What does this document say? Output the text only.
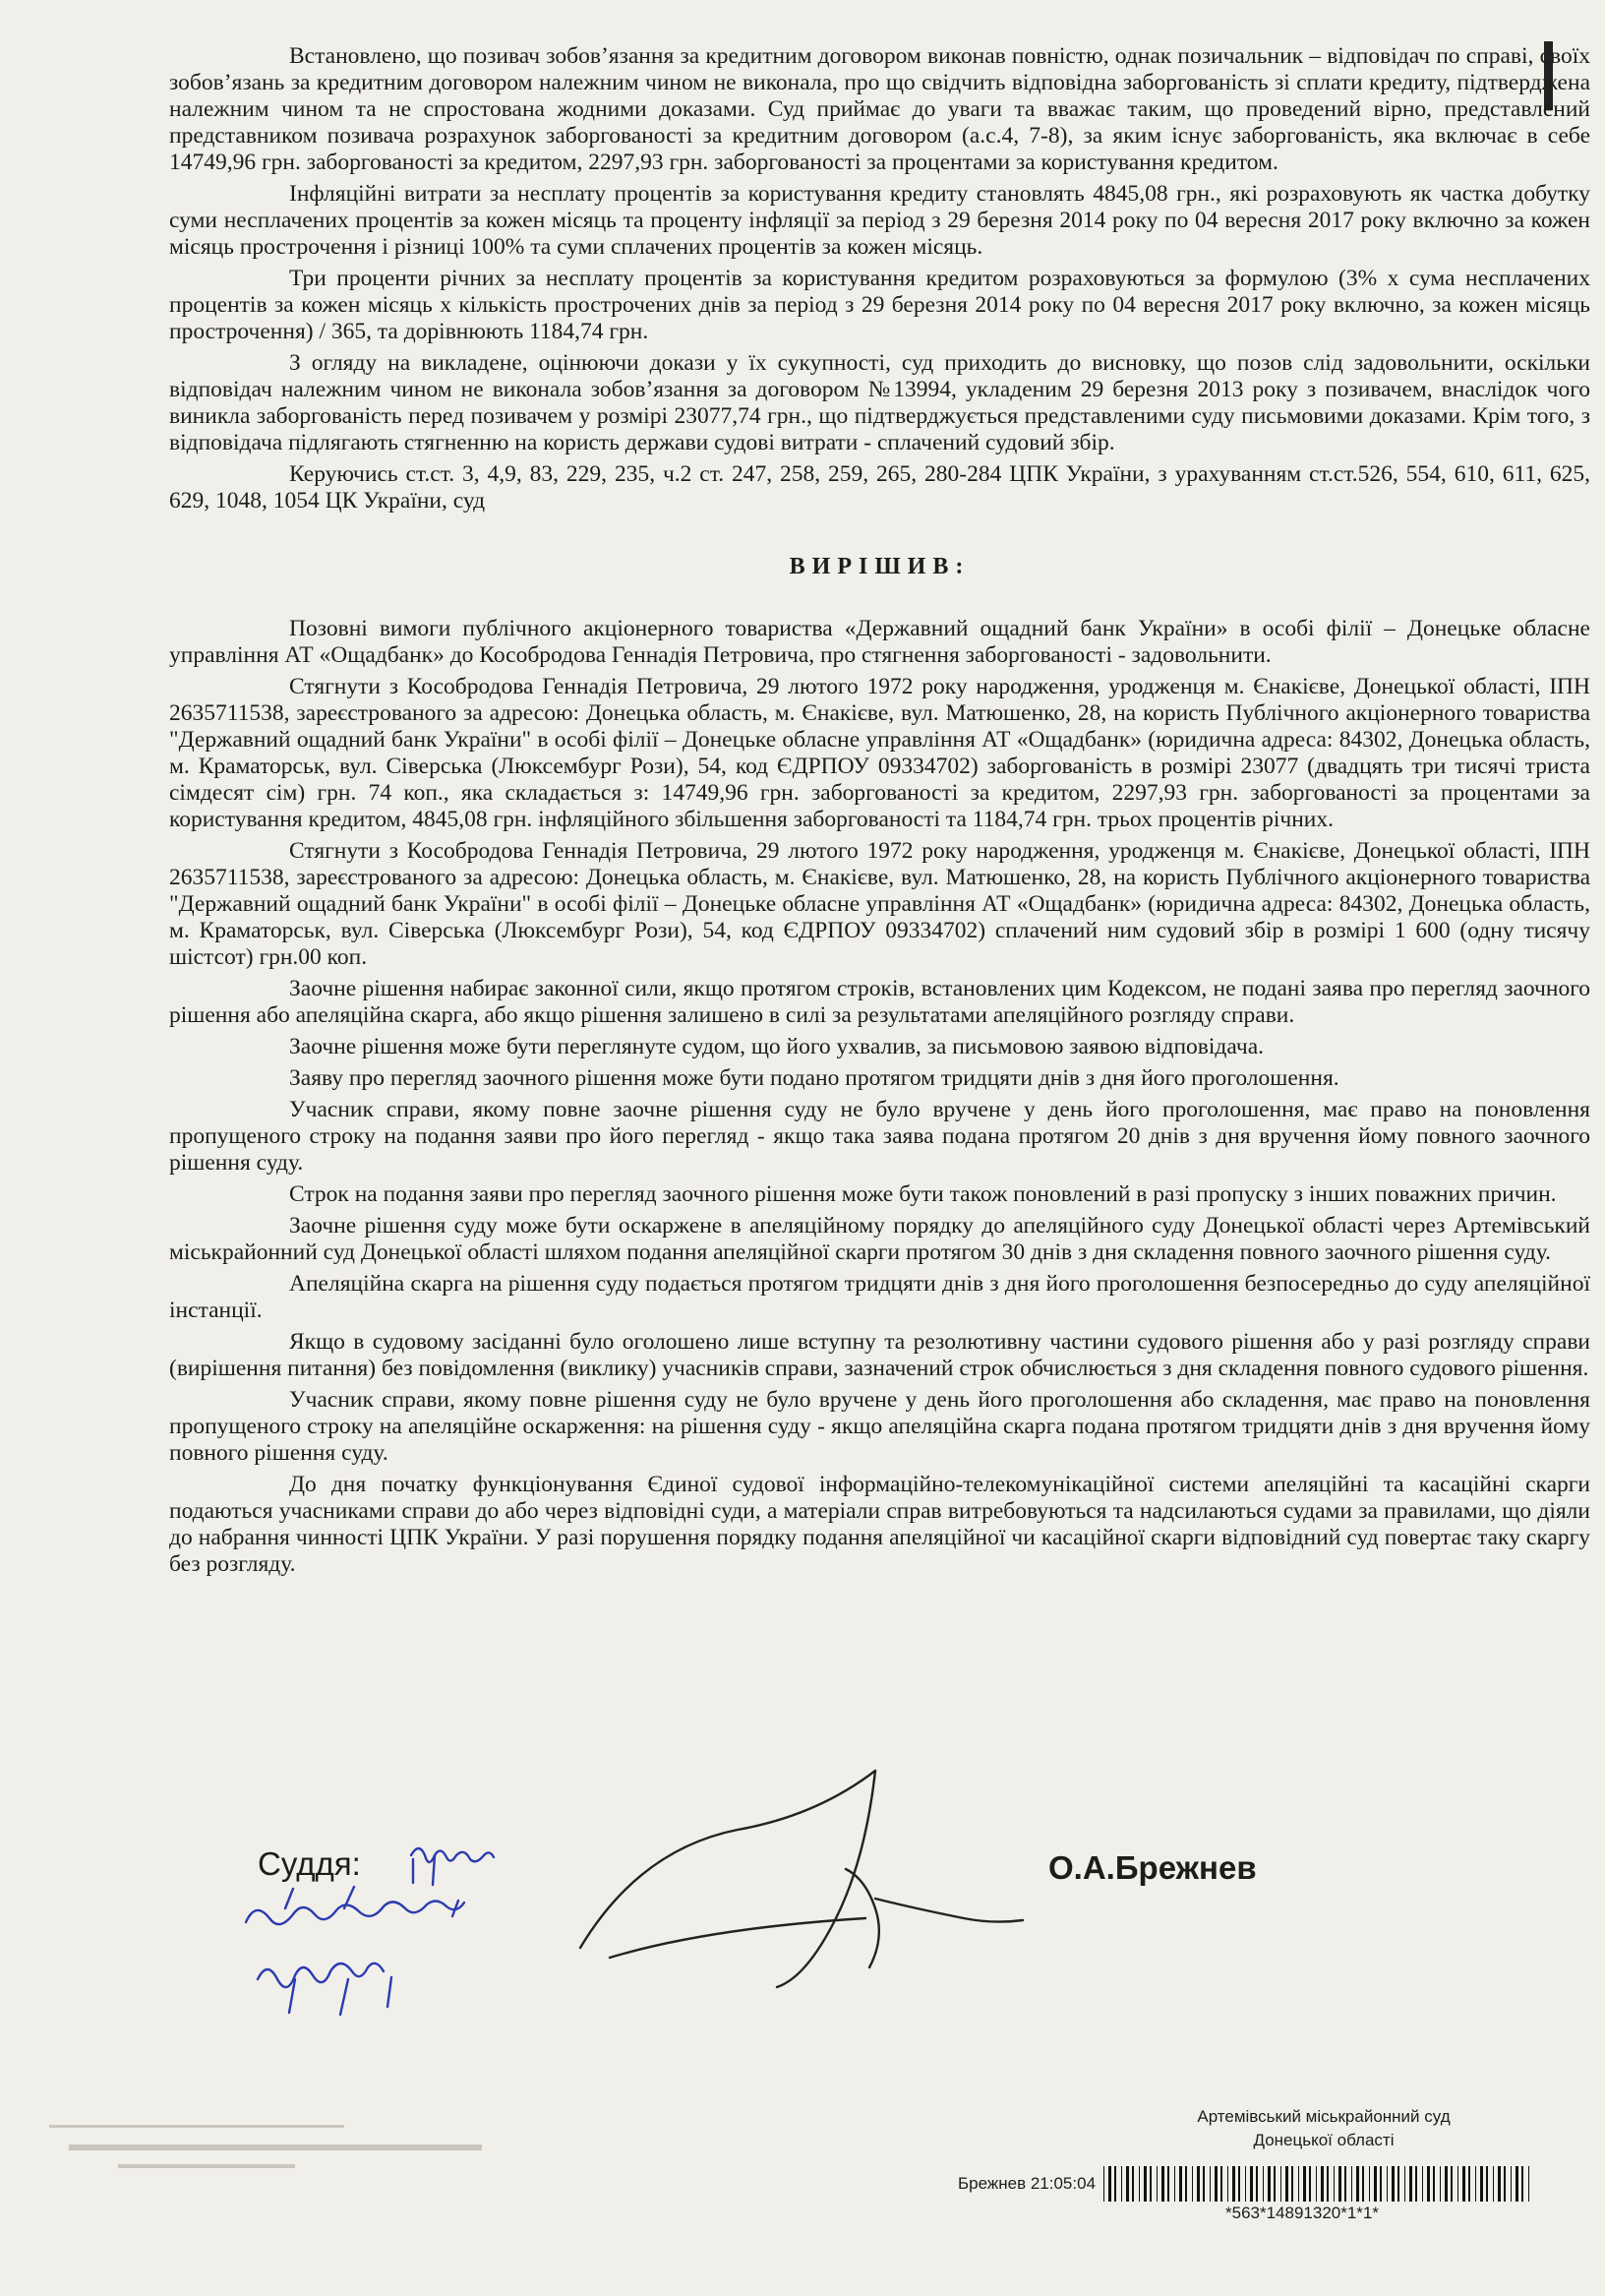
Встановлено, що позивач зобов’язання за кредитним договором виконав повністю, однак позичальник – відповідач по справі, своїх зобов’язань за кредитним договором належним чином не виконала, про що свідчить відповідна заборгованість зі сплати кредиту, підтверджена належним чином та не спростована жодними доказами. Суд приймає до уваги та вважає таким, що проведений вірно, представлений представником позивача розрахунок заборгованості за кредитним договором (а.с.4, 7-8), за яким існує заборгованість, яка включає в себе 14749,96 грн. заборгованості за кредитом, 2297,93 грн. заборгованості за процентами за користування кредитом.

Інфляційні витрати за несплату процентів за користування кредиту становлять 4845,08 грн., які розраховують як частка добутку суми несплачених процентів за кожен місяць та проценту інфляції за період з 29 березня 2014 року по 04 вересня 2017 року включно за кожен місяць прострочення і різниці 100% та суми сплачених процентів за кожен місяць.

Три проценти річних за несплату процентів за користування кредитом розраховуються за формулою (3% х сума несплачених процентів за кожен місяць х кількість прострочених днів за період з 29 березня 2014 року по 04 вересня 2017 року включно, за кожен місяць прострочення) / 365, та дорівнюють 1184,74 грн.

З огляду на викладене, оцінюючи докази у їх сукупності, суд приходить до висновку, що позов слід задовольнити, оскільки відповідач належним чином не виконала зобов’язання за договором №13994, укладеним 29 березня 2013 року з позивачем, внаслідок чого виникла заборгованість перед позивачем у розмірі 23077,74 грн., що підтверджується представленими суду письмовими доказами. Крім того, з відповідача підлягають стягненню на користь держави судові витрати - сплачений судовий збір.

Керуючись ст.ст. 3, 4,9, 83, 229, 235, ч.2 ст. 247, 258, 259, 265, 280-284 ЦПК України, з урахуванням ст.ст.526, 554, 610, 611, 625, 629, 1048, 1054 ЦК України, суд

ВИРІШИВ:

Позовні вимоги публічного акціонерного товариства «Державний ощадний банк України» в особі філії – Донецьке обласне управління АТ «Ощадбанк» до Кособродова Геннадія Петровича, про стягнення заборгованості - задовольнити.

Стягнути з Кособродова Геннадія Петровича, 29 лютого 1972 року народження, уродженця м. Єнакієве, Донецької області, ІПН 2635711538, зареєстрованого за адресою: Донецька область, м. Єнакієве, вул. Матюшенко, 28, на користь Публічного акціонерного товариства "Державний ощадний банк України" в особі філії – Донецьке обласне управління АТ «Ощадбанк» (юридична адреса: 84302, Донецька область, м. Краматорськ, вул. Сіверська (Люксембург Рози), 54, код ЄДРПОУ 09334702) заборгованість в розмірі 23077 (двадцять три тисячі триста сімдесят сім) грн. 74 коп., яка складається з: 14749,96 грн. заборгованості за кредитом, 2297,93 грн. заборгованості за процентами за користування кредитом, 4845,08 грн. інфляційного збільшення заборгованості та 1184,74 грн. трьох процентів річних.

Стягнути з Кособродова Геннадія Петровича, 29 лютого 1972 року народження, уродженця м. Єнакієве, Донецької області, ІПН 2635711538, зареєстрованого за адресою: Донецька область, м. Єнакієве, вул. Матюшенко, 28, на користь Публічного акціонерного товариства "Державний ощадний банк України" в особі філії – Донецьке обласне управління АТ «Ощадбанк» (юридична адреса: 84302, Донецька область, м. Краматорськ, вул. Сіверська (Люксембург Рози), 54, код ЄДРПОУ 09334702) сплачений ним судовий збір в розмірі 1 600 (одну тисячу шістсот) грн.00 коп.

Заочне рішення набирає законної сили, якщо протягом строків, встановлених цим Кодексом, не подані заява про перегляд заочного рішення або апеляційна скарга, або якщо рішення залишено в силі за результатами апеляційного розгляду справи.

Заочне рішення може бути переглянуте судом, що його ухвалив, за письмовою заявою відповідача.

Заяву про перегляд заочного рішення може бути подано протягом тридцяти днів з дня його проголошення.

Учасник справи, якому повне заочне рішення суду не було вручене у день його проголошення, має право на поновлення пропущеного строку на подання заяви про його перегляд - якщо така заява подана протягом 20 днів з дня вручення йому повного заочного рішення суду.

Строк на подання заяви про перегляд заочного рішення може бути також поновлений в разі пропуску з інших поважних причин.

Заочне рішення суду може бути оскаржене в апеляційному порядку до апеляційного суду Донецької області через Артемівський міськрайонний суд Донецької області шляхом подання апеляційної скарги протягом 30 днів з дня складення повного заочного рішення суду.

Апеляційна скарга на рішення суду подається протягом тридцяти днів з дня його проголошення безпосередньо до суду апеляційної інстанції.

Якщо в судовому засіданні було оголошено лише вступну та резолютивну частини судового рішення або у разі розгляду справи (вирішення питання) без повідомлення (виклику) учасників справи, зазначений строк обчислюється з дня складення повного судового рішення.

Учасник справи, якому повне рішення суду не було вручене у день його проголошення або складення, має право на поновлення пропущеного строку на апеляційне оскарження: на рішення суду - якщо апеляційна скарга подана протягом тридцяти днів з дня вручення йому повного рішення суду.

До дня початку функціонування Єдиної судової інформаційно-телекомунікаційної системи апеляційні та касаційні скарги подаються учасниками справи до або через відповідні суди, а матеріали справ витребовуються та надсилаються судами за правилами, що діяли до набрання чинності ЦПК України. У разі порушення порядку подання апеляційної чи касаційної скарги відповідний суд повертає таку скаргу без розгляду.

Суддя:	О.А.Брежнев
Артемівський міськрайонний суд
Донецької області
Брежнев 21:05:04
*563*14891320*1*1*
